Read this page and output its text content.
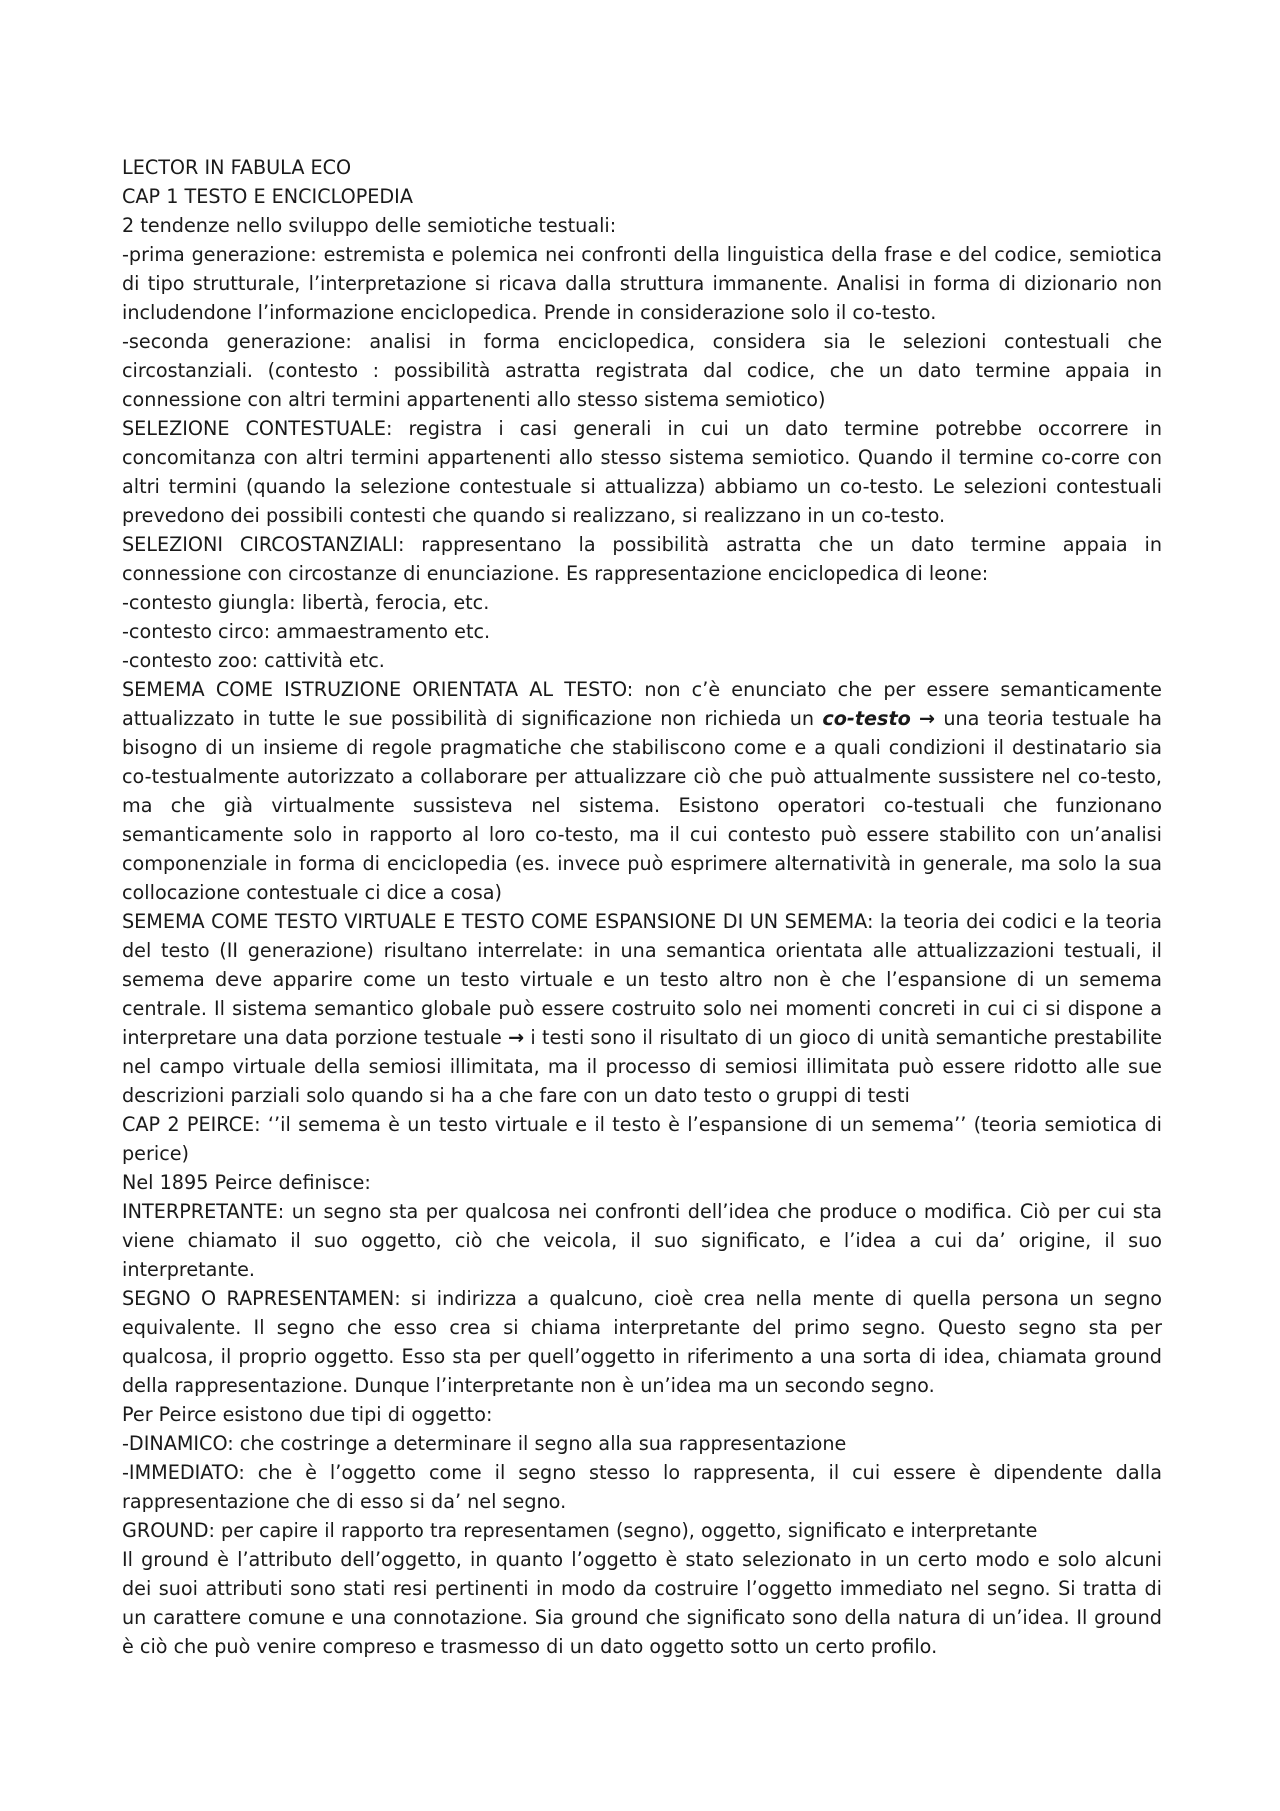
LECTOR IN FABULA ECO

CAP 1 TESTO E ENCICLOPEDIA

2 tendenze nello sviluppo delle semiotiche testuali:

-prima generazione: estremista e polemica nei confronti della linguistica della frase e del codice, semiotica di tipo strutturale, l’interpretazione si ricava dalla struttura immanente. Analisi in forma di dizionario non includendone l’informazione enciclopedica. Prende in considerazione solo il co-testo.

-seconda generazione: analisi in forma enciclopedica, considera sia le selezioni contestuali che circostanziali. (contesto : possibilità astratta registrata dal codice, che un dato termine appaia in connessione con altri termini appartenenti allo stesso sistema semiotico)

SELEZIONE CONTESTUALE: registra i casi generali in cui un dato termine potrebbe occorrere in concomitanza con altri termini appartenenti allo stesso sistema semiotico. Quando il termine co-corre con altri termini (quando la selezione contestuale si attualizza) abbiamo un co-testo. Le selezioni contestuali prevedono dei possibili contesti che quando si realizzano, si realizzano in un co-testo.

SELEZIONI CIRCOSTANZIALI: rappresentano la possibilità astratta che un dato termine appaia in connessione con circostanze di enunciazione. Es rappresentazione enciclopedica di leone:

-contesto giungla: libertà, ferocia, etc.

-contesto circo: ammaestramento etc.

-contesto zoo: cattività etc.

SEMEMA COME ISTRUZIONE ORIENTATA AL TESTO: non c’è enunciato che per essere semanticamente attualizzato in tutte le sue possibilità di significazione non richieda un co-testo → una teoria testuale ha bisogno di un insieme di regole pragmatiche che stabiliscono come e a quali condizioni il destinatario sia co-testualmente autorizzato a collaborare per attualizzare ciò che può attualmente sussistere nel co-testo, ma che già virtualmente sussisteva nel sistema. Esistono operatori co-testuali che funzionano semanticamente solo in rapporto al loro co-testo, ma il cui contesto può essere stabilito con un’analisi componenziale in forma di enciclopedia (es. invece può esprimere alternatività in generale, ma solo la sua collocazione contestuale ci dice a cosa)

SEMEMA COME TESTO VIRTUALE E TESTO COME ESPANSIONE DI UN SEMEMA: la teoria dei codici e la teoria del testo (II generazione) risultano interrelate: in una semantica orientata alle attualizzazioni testuali, il semema deve apparire come un testo virtuale e un testo altro non è che l’espansione di un semema centrale. Il sistema semantico globale può essere costruito solo nei momenti concreti in cui ci si dispone a interpretare una data porzione testuale → i testi sono il risultato di un gioco di unità semantiche prestabilite nel campo virtuale della semiosi illimitata, ma il processo di semiosi illimitata può essere ridotto alle sue descrizioni parziali solo quando si ha a che fare con un dato testo o gruppi di testi

CAP 2 PEIRCE: ‘’il semema è un testo virtuale e il testo è l’espansione di un semema’’ (teoria semiotica di perice)

Nel 1895 Peirce definisce:

INTERPRETANTE: un segno sta per qualcosa nei confronti dell’idea che produce o modifica. Ciò per cui sta viene chiamato il suo oggetto, ciò che veicola, il suo significato, e l’idea a cui da’ origine, il suo interpretante.

SEGNO O RAPRESENTAMEN: si indirizza a qualcuno, cioè crea nella mente di quella persona un segno equivalente. Il segno che esso crea si chiama interpretante del primo segno. Questo segno sta per qualcosa, il proprio oggetto. Esso sta per quell’oggetto in riferimento a una sorta di idea, chiamata ground della rappresentazione. Dunque l’interpretante non è un’idea ma un secondo segno.

Per Peirce esistono due tipi di oggetto:

-DINAMICO: che costringe a determinare il segno alla sua rappresentazione

-IMMEDIATO: che è l’oggetto come il segno stesso lo rappresenta, il cui essere è dipendente dalla rappresentazione che di esso si da’ nel segno.

GROUND: per capire il rapporto tra representamen (segno), oggetto, significato e interpretante

Il ground è l’attributo dell’oggetto, in quanto l’oggetto è stato selezionato in un certo modo e solo alcuni dei suoi attributi sono stati resi pertinenti in modo da costruire l’oggetto immediato nel segno. Si tratta di un carattere comune e una connotazione. Sia ground che significato sono della natura di un’idea. Il ground è ciò che può venire compreso e trasmesso di un dato oggetto sotto un certo profilo.
